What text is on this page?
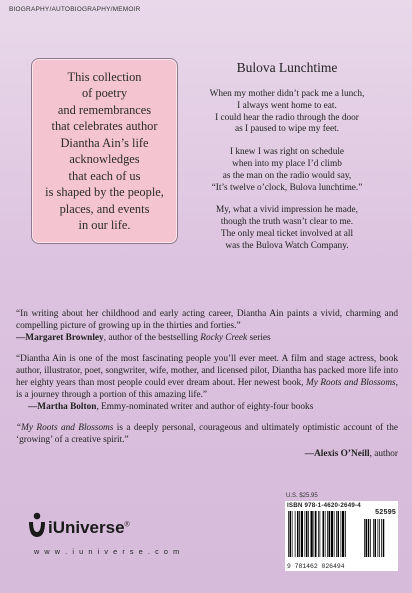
BIOGRAPHY/AUTOBIOGRAPHY/MEMOIR

This collection
of poetry
and remembrances
that celebrates author
Diantha Ain’s life
acknowledges
that each of us
is shaped by the people,
places, and events
in our life.

Bulova Lunchtime
When my mother didn’t pack me a lunch,
I always went home to eat.
I could hear the radio through the door
as I paused to wipe my feet.
I knew I was right on schedule
when into my place I’d climb
as the man on the radio would say,
“It’s twelve o’clock, Bulova lunchtime.”
My, what a vivid impression he made,
though the truth wasn’t clear to me.
The only meal ticket involved at all
was the Bulova Watch Company.
“In writing about her childhood and early acting career, Diantha Ain paints a vivid, charming and compelling picture of growing up in the thirties and forties.”
—Margaret Brownley, author of the bestselling Rocky Creek series
“Diantha Ain is one of the most fascinating people you’ll ever meet. A film and stage actress, book author, illustrator, poet, songwriter, wife, mother, and licensed pilot, Diantha has packed more life into her eighty years than most people could ever dream about. Her newest book, My Roots and Blossoms, is a journey through a portion of this amazing life.”
—Martha Bolton, Emmy-nominated writer and author of eighty-four books
“My Roots and Blossoms is a deeply personal, courageous and ultimately optimistic account of the ‘growing’ of a creative spirit.”
—Alexis O’Neill, author
U.S. $25.95
ISBN 978-1-4620-2649-4
52595
9 781462 026494
iUniverse®
w w w . i u n i v e r s e . c o m
